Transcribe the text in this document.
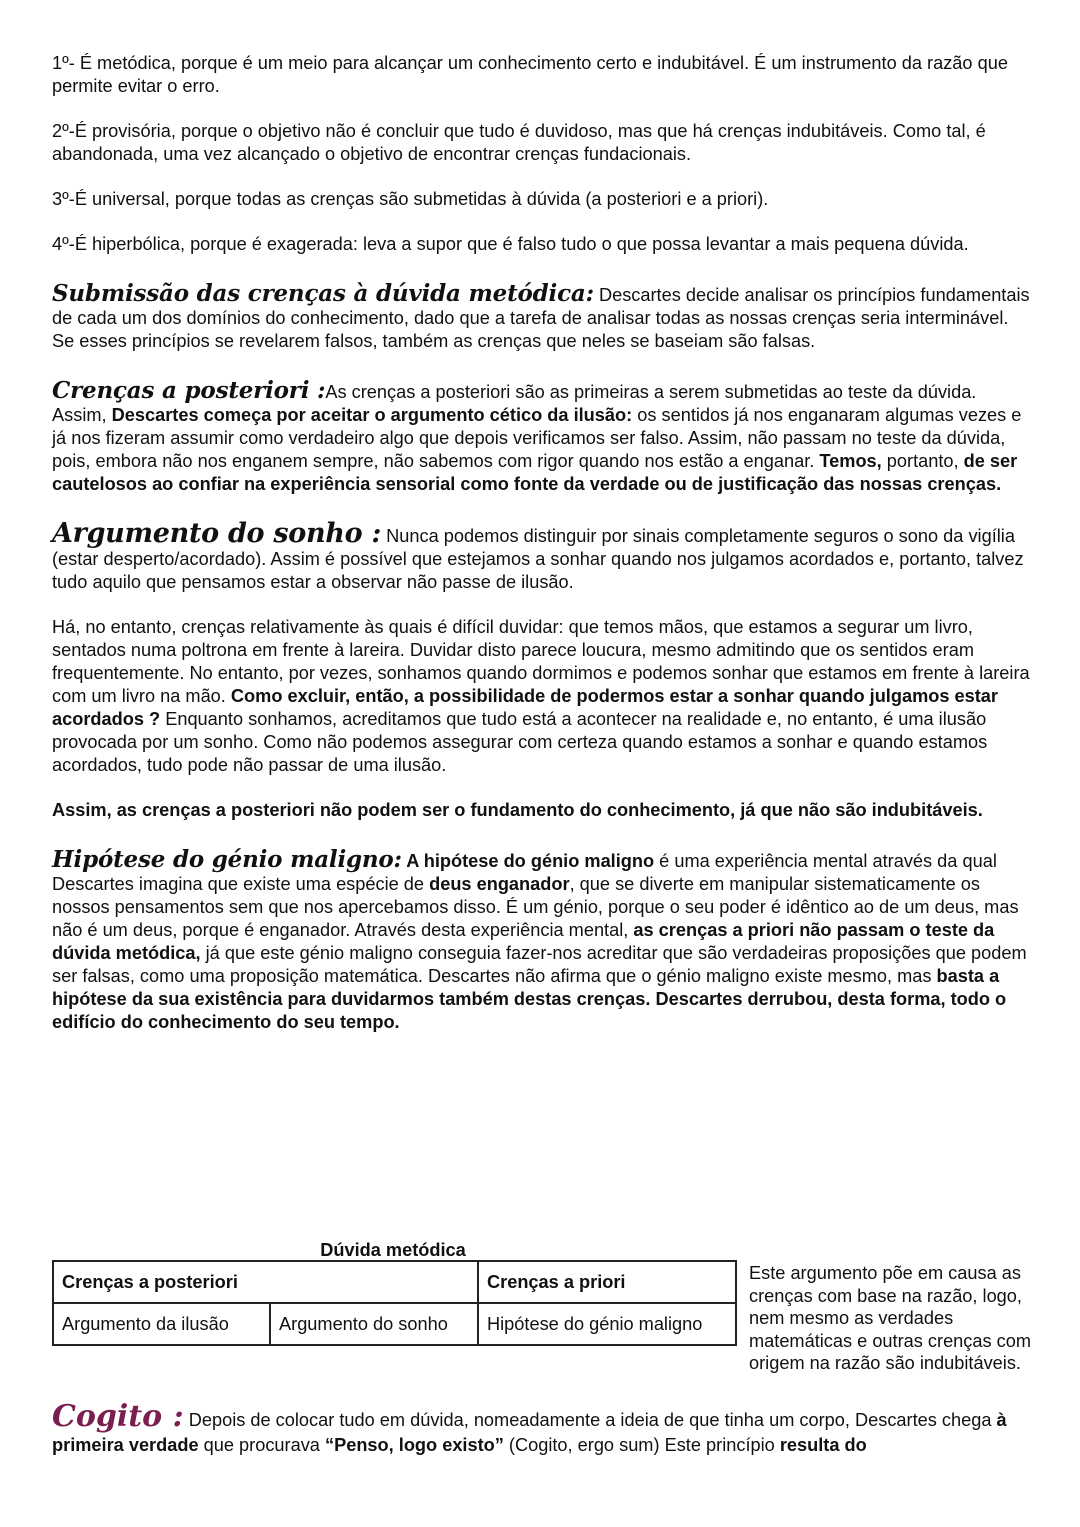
1º- É metódica, porque é um meio para alcançar um conhecimento certo e indubitável. É um instrumento da razão que permite evitar o erro.

2º-É provisória, porque o objetivo não é concluir que tudo é duvidoso, mas que há crenças indubitáveis. Como tal, é abandonada, uma vez alcançado o objetivo de encontrar crenças fundacionais.

3º-É universal, porque todas as crenças são submetidas à dúvida (a posteriori e a priori).

4º-É hiperbólica, porque é exagerada: leva a supor que é falso tudo o que possa levantar a mais pequena dúvida.

Submissão das crenças à dúvida metódica: Descartes decide analisar os princípios fundamentais de cada um dos domínios do conhecimento, dado que a tarefa de analisar todas as nossas crenças seria interminável. Se esses princípios se revelarem falsos, também as crenças que neles se baseiam são falsas.

Crenças a posteriori :As crenças a posteriori são as primeiras a serem submetidas ao teste da dúvida. Assim, Descartes começa por aceitar o argumento cético da ilusão: os sentidos já nos enganaram algumas vezes e já nos fizeram assumir como verdadeiro algo que depois verificamos ser falso. Assim, não passam no teste da dúvida, pois, embora não nos enganem sempre, não sabemos com rigor quando nos estão a enganar. Temos, portanto, de ser cautelosos ao confiar na experiência sensorial como fonte da verdade ou de justificação das nossas crenças.

Argumento do sonho : Nunca podemos distinguir por sinais completamente seguros o sono da vigília (estar desperto/acordado). Assim é possível que estejamos a sonhar quando nos julgamos acordados e, portanto, talvez tudo aquilo que pensamos estar a observar não passe de ilusão.

Há, no entanto, crenças relativamente às quais é difícil duvidar: que temos mãos, que estamos a segurar um livro, sentados numa poltrona em frente à lareira. Duvidar disto parece loucura, mesmo admitindo que os sentidos eram frequentemente. No entanto, por vezes, sonhamos quando dormimos e podemos sonhar que estamos em frente à lareira com um livro na mão. Como excluir, então, a possibilidade de podermos estar a sonhar quando julgamos estar acordados ? Enquanto sonhamos, acreditamos que tudo está a acontecer na realidade e, no entanto, é uma ilusão provocada por um sonho. Como não podemos assegurar com certeza quando estamos a sonhar e quando estamos acordados, tudo pode não passar de uma ilusão.

Assim, as crenças a posteriori não podem ser o fundamento do conhecimento, já que não são indubitáveis.

Hipótese do génio maligno: A hipótese do génio maligno é uma experiência mental através da qual Descartes imagina que existe uma espécie de deus enganador, que se diverte em manipular sistematicamente os nossos pensamentos sem que nos apercebamos disso. É um génio, porque o seu poder é idêntico ao de um deus, mas não é um deus, porque é enganador. Através desta experiência mental, as crenças a priori não passam o teste da dúvida metódica, já que este génio maligno conseguia fazer-nos acreditar que são verdadeiras proposições que podem ser falsas, como uma proposição matemática. Descartes não afirma que o génio maligno existe mesmo, mas basta a hipótese da sua existência para duvidarmos também destas crenças. Descartes derrubou, desta forma, todo o edifício do conhecimento do seu tempo.

Dúvida metódica
Crenças a posteriori		Crenças a priori
Argumento da ilusão	Argumento do sonho	Hipótese do génio maligno
Este argumento põe em causa as crenças com base na razão, logo, nem mesmo as verdades matemáticas e outras crenças com origem na razão são indubitáveis.

Cogito : Depois de colocar tudo em dúvida, nomeadamente a ideia de que tinha um corpo, Descartes chega à primeira verdade que procurava “Penso, logo existo” (Cogito, ergo sum) Este princípio resulta do
